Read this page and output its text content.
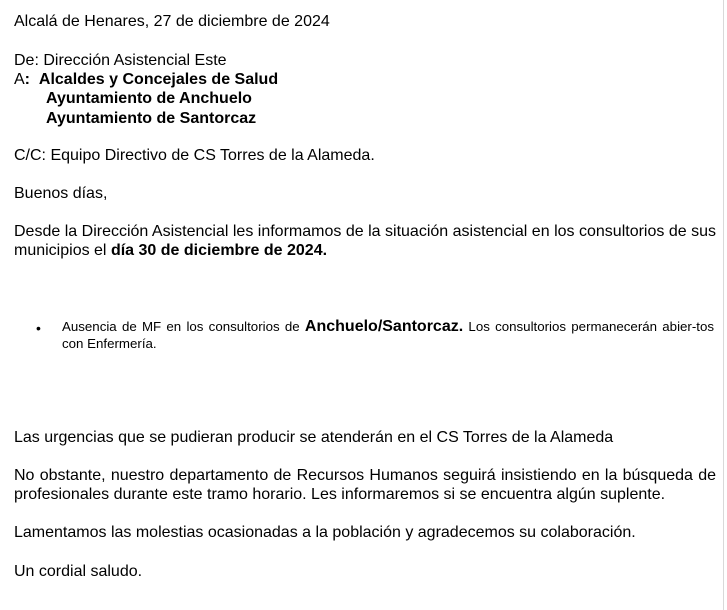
Alcalá de Henares, 27 de diciembre de 2024
De: Dirección Asistencial Este
A: Alcaldes y Concejales de Salud
Ayuntamiento de Anchuelo
Ayuntamiento de Santorcaz
C/C: Equipo Directivo de CS Torres de la Alameda.
Buenos días,
Desde la Dirección Asistencial les informamos de la situación asistencial en los consultorios de sus municipios el día 30 de diciembre de 2024.
• Ausencia de MF en los consultorios de Anchuelo/Santorcaz. Los consultorios permanecerán abier-tos con Enfermería.
Las urgencias que se pudieran producir se atenderán en el CS Torres de la Alameda
No obstante, nuestro departamento de Recursos Humanos seguirá insistiendo en la búsqueda de profesionales durante este tramo horario. Les informaremos si se encuentra algún suplente.
Lamentamos las molestias ocasionadas a la población y agradecemos su colaboración.
Un cordial saludo.
